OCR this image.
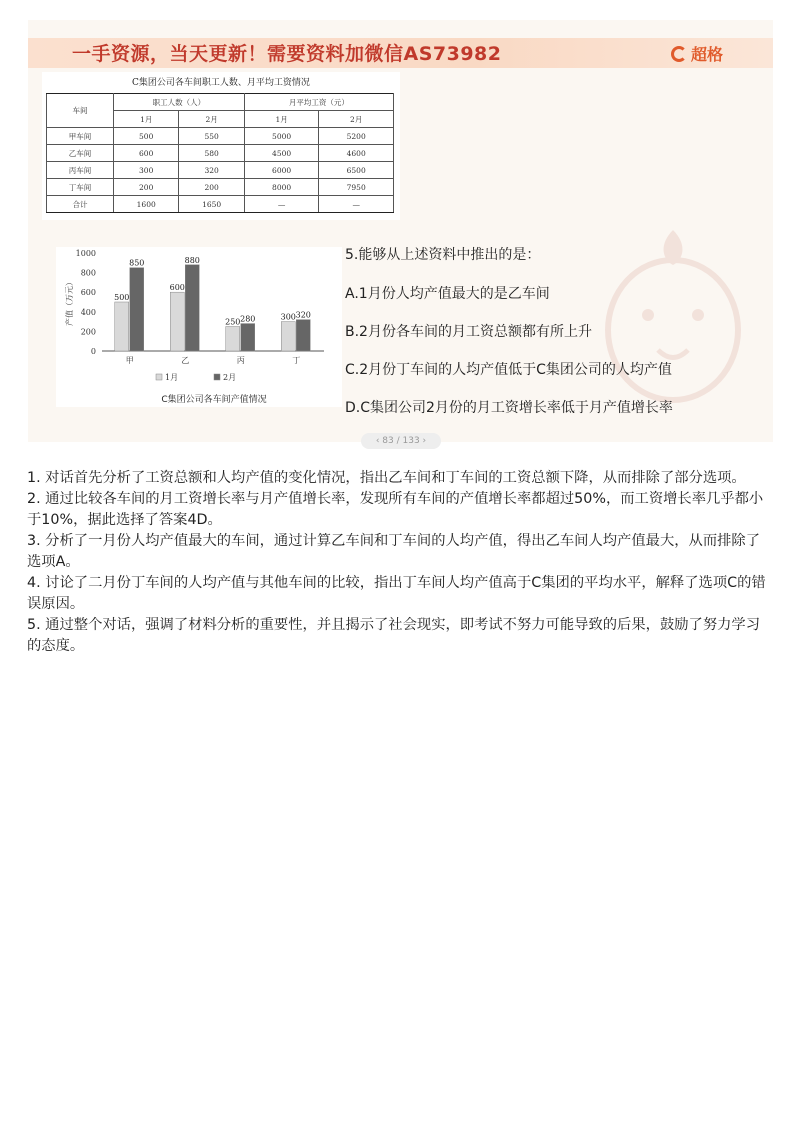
一手资源，当天更新！需要资料加微信AS73982	超格
C集团公司各车间职工人数、月平均工资情况
车间	职工人数（人）		月平均工资（元）	
	1月	2月	1月	2月
甲车间	500	550	5000	5200
乙车间	600	580	4500	4600
丙车间	300	320	6000	6500
丁车间	200	200	8000	7950
合计	1600	1650	—	—
1000
800
600
400
200
0
产值（万元）	500
850
甲
600
880
乙
250 280
丙
300 320
丁
1月	2月
C集团公司各车间产值情况
5.能够从上述资料中推出的是：
A.1月份人均产值最大的是乙车间
B.2月份各车间的月工资总额都有所上升
C.2月份丁车间的人均产值低于C集团公司的人均产值
D.C集团公司2月份的月工资增长率低于月产值增长率
‹ 83 / 133 ›

1. 对话首先分析了工资总额和人均产值的变化情况，指出乙车间和丁车间的工资总额下降，从而排除了部分选项。

2. 通过比较各车间的月工资增长率与月产值增长率，发现所有车间的产值增长率都超过50%，而工资增长率几乎都小于10%，据此选择了答案4D。

3. 分析了一月份人均产值最大的车间，通过计算乙车间和丁车间的人均产值，得出乙车间人均产值最大，从而排除了选项A。

4. 讨论了二月份丁车间的人均产值与其他车间的比较，指出丁车间人均产值高于C集团的平均水平，解释了选项C的错误原因。

5. 通过整个对话，强调了材料分析的重要性，并且揭示了社会现实，即考试不努力可能导致的后果，鼓励了努力学习的态度。
